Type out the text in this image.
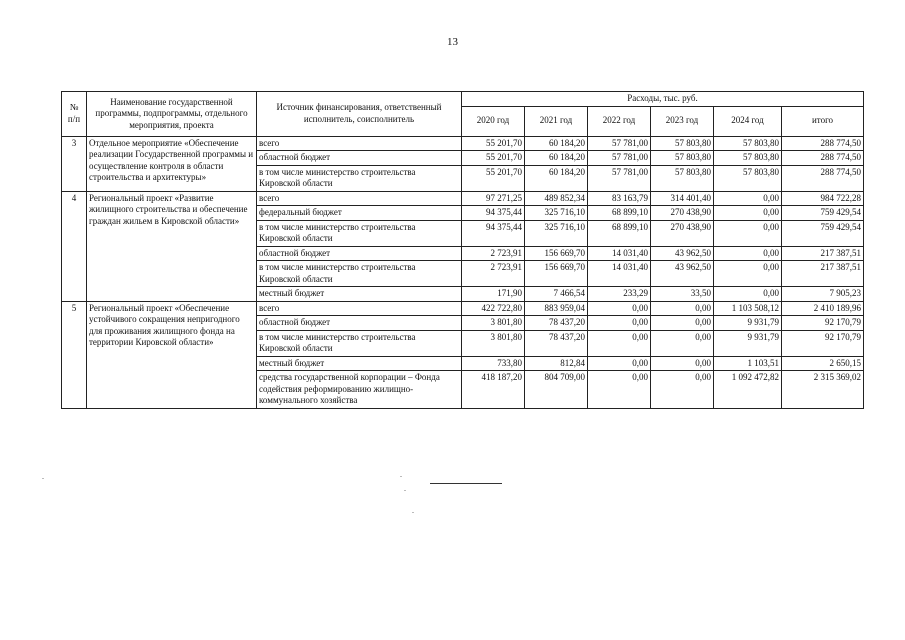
13
№
п/п	Наименование государственной программы, подпрограммы, отдельного мероприятия, проекта	Источник финансирования, ответственный исполнитель, соисполнитель	Расходы, тыс. руб.					
			2020 год	2021 год	2022 год	2023 год	2024 год	итого
3	Отдельное мероприятие «Обеспечение реализации Государственной программы и осуществление контроля в области строительства и архитектуры»	всего	55 201,70	60 184,20	57 781,00	57 803,80	57 803,80	288 774,50
		областной бюджет	55 201,70	60 184,20	57 781,00	57 803,80	57 803,80	288 774,50
		в том числе министерство строительства Кировской области	55 201,70	60 184,20	57 781,00	57 803,80	57 803,80	288 774,50
4	Региональный проект «Развитие жилищного строительства и обеспечение граждан жильем в Кировской области»	всего	97 271,25	489 852,34	83 163,79	314 401,40	0,00	984 722,28
		федеральный бюджет	94 375,44	325 716,10	68 899,10	270 438,90	0,00	759 429,54
		в том числе министерство строительства Кировской области	94 375,44	325 716,10	68 899,10	270 438,90	0,00	759 429,54
		областной бюджет	2 723,91	156 669,70	14 031,40	43 962,50	0,00	217 387,51
		в том числе министерство строительства Кировской области	2 723,91	156 669,70	14 031,40	43 962,50	0,00	217 387,51
		местный бюджет	171,90	7 466,54	233,29	33,50	0,00	7 905,23
5	Региональный проект «Обеспечение устойчивого сокращения непригодного для проживания жилищного фонда на территории Кировской области»	всего	422 722,80	883 959,04	0,00	0,00	1 103 508,12	2 410 189,96
		областной бюджет	3 801,80	78 437,20	0,00	0,00	9 931,79	92 170,79
		в том числе министерство строительства Кировской области	3 801,80	78 437,20	0,00	0,00	9 931,79	92 170,79
		местный бюджет	733,80	812,84	0,00	0,00	1 103,51	2 650,15
		средства государственной корпорации – Фонда содействия реформированию жилищно-коммунального хозяйства	418 187,20	804 709,00	0,00	0,00	1 092 472,82	2 315 369,02
